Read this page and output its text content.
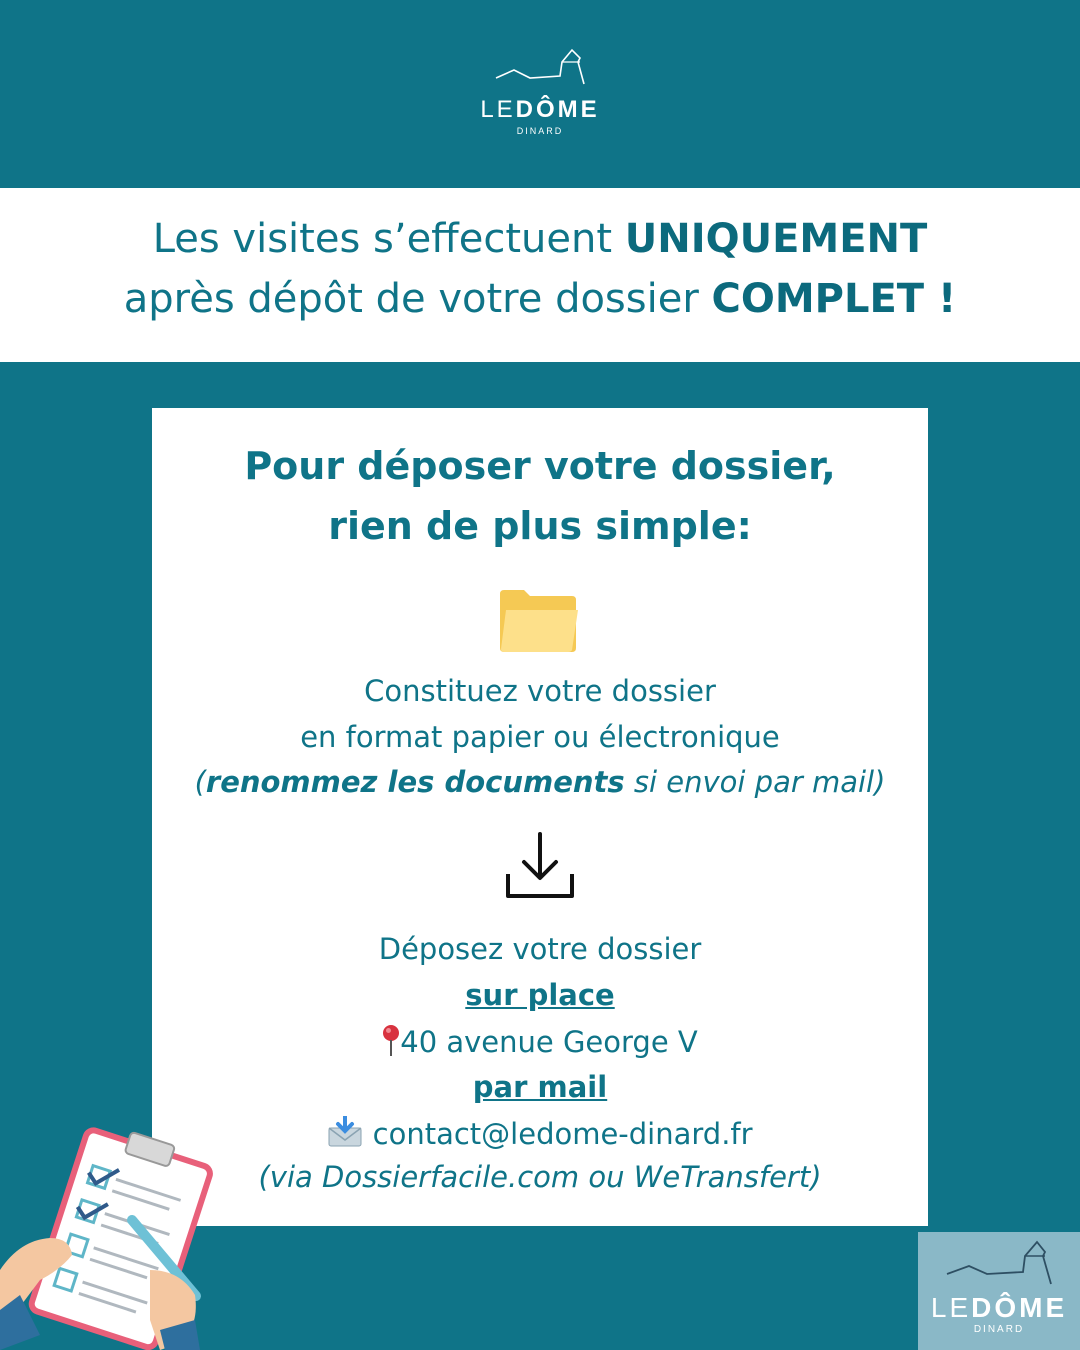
LEDÔME
DINARD
Les visites s’effectuent UNIQUEMENT
après dépôt de votre dossier COMPLET !
Pour déposer votre dossier,
rien de plus simple:
Constituez votre dossier
en format papier ou électronique
(renommez les documents si envoi par mail)
Déposez votre dossier
sur place
40 avenue George V
par mail
contact@ledome-dinard.fr
(via Dossierfacile.com ou WeTransfert)
LEDÔME
DINARD
